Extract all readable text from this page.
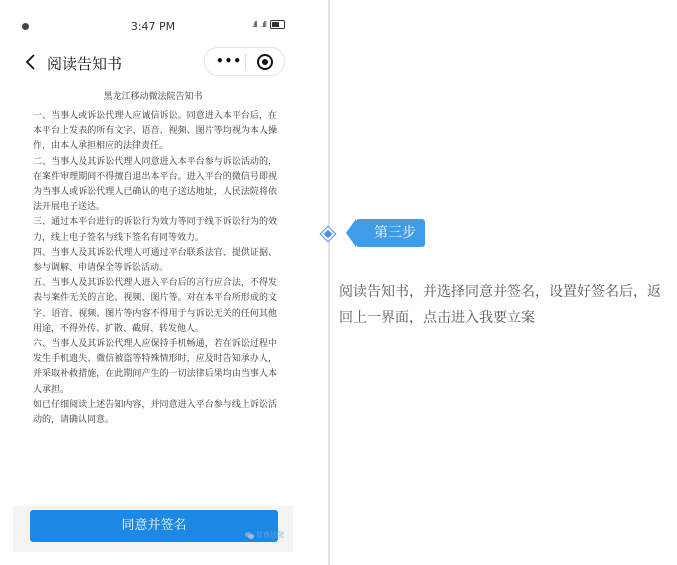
3:47 PM	.ıll .ıll
阅读告知书	•••
黑龙江移动微法院告知书

一、当事人或诉讼代理人应诚信诉讼。同意进入本平台后，在本平台上发表的所有文字、语音、视频、图片等均视为本人操作，由本人承担相应的法律责任。

二、当事人及其诉讼代理人同意进入本平台参与诉讼活动的，在案件审理期间不得擅自退出本平台。进入平台的微信号即视为当事人或诉讼代理人已确认的电子送达地址，人民法院将依法开展电子送达。

三、通过本平台进行的诉讼行为效力等同于线下诉讼行为的效力，线上电子签名与线下签名有同等效力。

四、当事人及其诉讼代理人可通过平台联系法官、提供证据、参与调解、申请保全等诉讼活动。

五、当事人及其诉讼代理人进入平台后的言行应合法，不得发表与案件无关的言论、视频、图片等。对在本平台所形成的文字、语音、视频、图片等内容不得用于与诉讼无关的任何其他用途，不得外传、扩散、截屏、转发他人。

六、当事人及其诉讼代理人应保持手机畅通，若在诉讼过程中发生手机遗失、微信被盗等特殊情形时，应及时告知承办人，并采取补救措施，在此期间产生的一切法律后果均由当事人本人承担。

如已仔细阅读上述告知内容，并同意进入平台参与线上诉讼活动的，请确认同意。

同意并签名
甘南法院
第三步
阅读告知书，并选择同意并签名，设置好签名后，返回上一界面，点击进入我要立案
